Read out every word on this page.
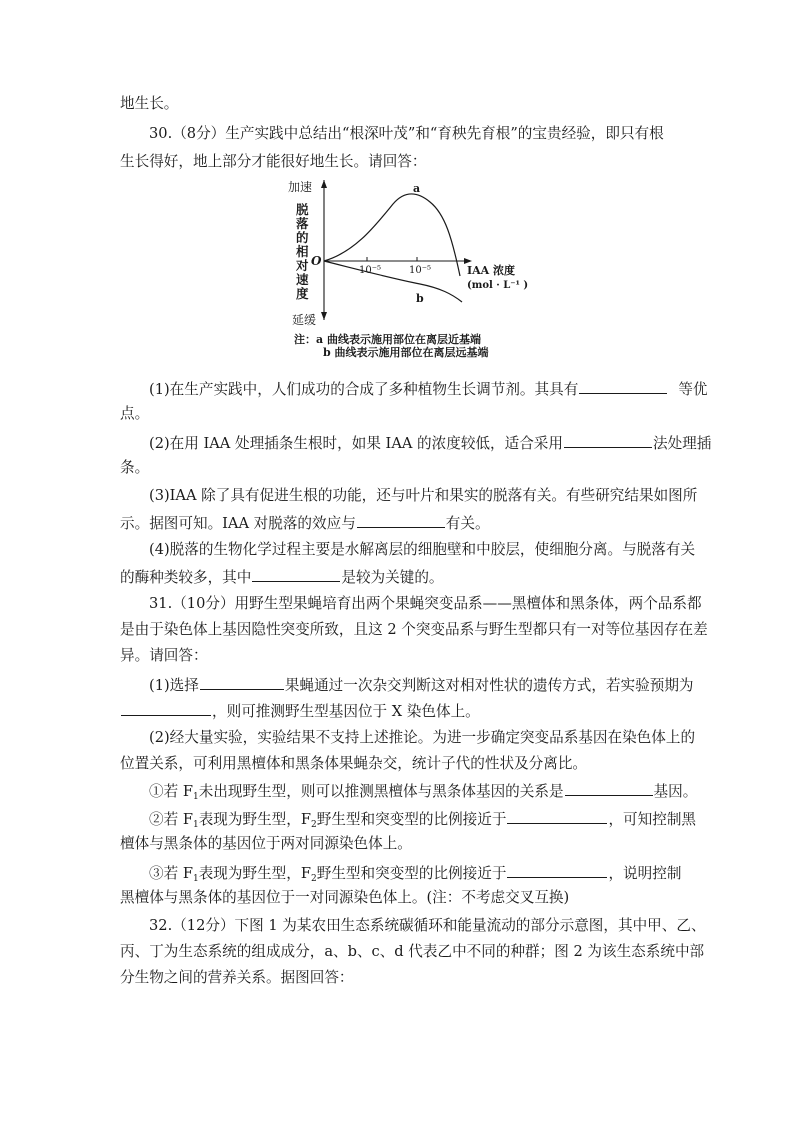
地生长。
30.（8分）生产实践中总结出“根深叶茂”和“育秧先育根”的宝贵经验，即只有根
生长得好，地上部分才能很好地生长。请回答：
加速
脱
落
的
相
对
速
度
延缓
O
a
b
10⁻⁵	10⁻⁵	IAA 浓度
(mol · L⁻¹ )
注：a 曲线表示施用部位在离层近基端
b 曲线表示施用部位在离层远基端
(1)在生产实践中，人们成功的合成了多种植物生长调节剂。其具有	等优
点。
(2)在用 IAA 处理插条生根时，如果 IAA 的浓度较低，适合采用	法处理插
条。
(3)IAA 除了具有促进生根的功能，还与叶片和果实的脱落有关。有些研究结果如图所
示。据图可知。IAA 对脱落的效应与	有关。
(4)脱落的生物化学过程主要是水解离层的细胞壁和中胶层，使细胞分离。与脱落有关
的酶种类较多，其中	是较为关键的。
31.（10分）用野生型果蝇培育出两个果蝇突变品系——黑檀体和黑条体，两个品系都
是由于染色体上基因隐性突变所致，且这 2 个突变品系与野生型都只有一对等位基因存在差
异。请回答：
(1)选择	果蝇通过一次杂交判断这对相对性状的遗传方式，若实验预期为
，则可推测野生型基因位于 X 染色体上。
(2)经大量实验，实验结果不支持上述推论。为进一步确定突变品系基因在染色体上的
位置关系，可利用黑檀体和黑条体果蝇杂交，统计子代的性状及分离比。
①若 $F_1$未出现野生型，则可以推测黑檀体与黑条体基因的关系是	基因。
②若 $F_1$表现为野生型，$F_2$野生型和突变型的比例接近于	，可知控制黑
檀体与黑条体的基因位于两对同源染色体上。
③若 $F_1$表现为野生型，$F_2$野生型和突变型的比例接近于	，说明控制
黑檀体与黑条体的基因位于一对同源染色体上。(注：不考虑交叉互换)
32.（12分）下图 1 为某农田生态系统碳循环和能量流动的部分示意图，其中甲、乙、
丙、丁为生态系统的组成成分，a、b、c、d 代表乙中不同的种群；图 2 为该生态系统中部
分生物之间的营养关系。据图回答：
